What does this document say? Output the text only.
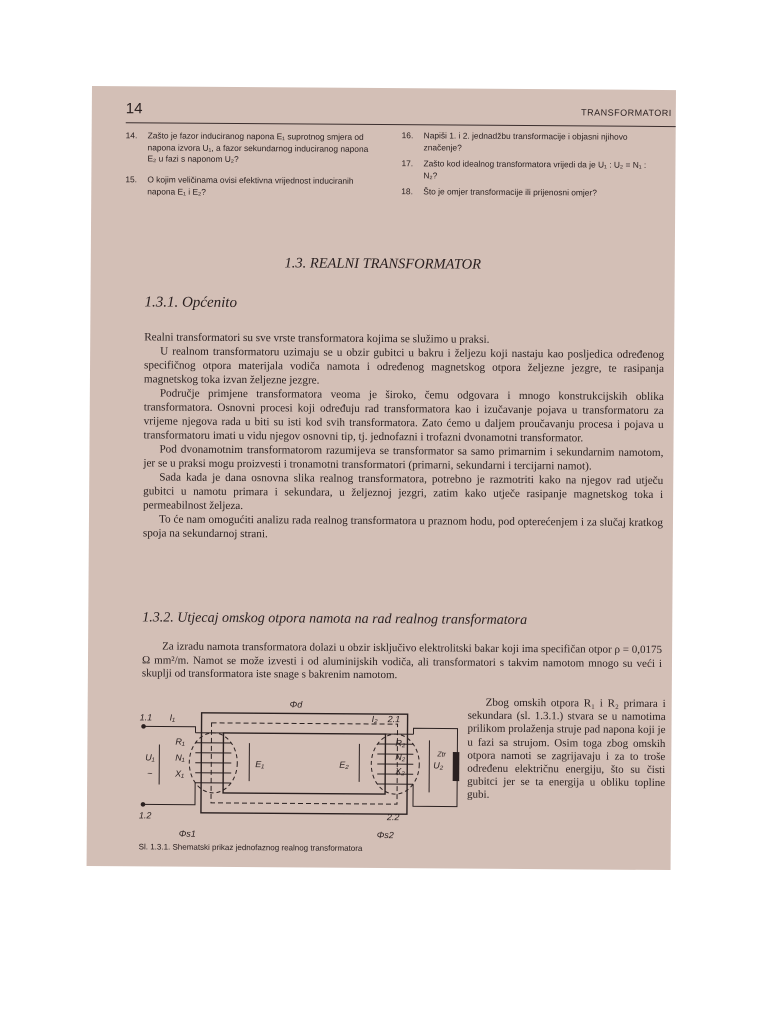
14	TRANSFORMATORI
14. Zašto je fazor induciranog napona E₁ suprotnog smjera od napona izvora U₁, a fazor sekundarnog induciranog napona E₂ u fazi s naponom U₂?
15. O kojim veličinama ovisi efektivna vrijednost induciranih napona E₁ i E₂?
16. Napiši 1. i 2. jednadžbu transformacije i objasni njihovo značenje?
17. Zašto kod idealnog transformatora vrijedi da je U₁ : U₂ = N₁ : N₂?
18. Što je omjer transformacije ili prijenosni omjer?
1.3. REALNI TRANSFORMATOR
1.3.1. Općenito

Realni transformatori su sve vrste transformatora kojima se služimo u praksi.

U realnom transformatoru uzimaju se u obzir gubitci u bakru i željezu koji nastaju kao posljedica određenog specifičnog otpora materijala vodiča namota i određenog magnetskog otpora željezne jezgre, te rasipanja magnetskog toka izvan željezne jezgre.

Područje primjene transformatora veoma je široko, čemu odgovara i mnogo konstrukcijskih oblika transformatora. Osnovni procesi koji određuju rad transformatora kao i izučavanje pojava u transformatoru za vrijeme njegova rada u biti su isti kod svih transformatora. Zato ćemo u daljem proučavanju procesa i pojava u transformatoru imati u vidu njegov osnovni tip, tj. jednofazni i trofazni dvonamotni transformator.

Pod dvonamotnim transformatorom razumijeva se transformator sa samo primarnim i sekundarnim namotom, jer se u praksi mogu proizvesti i tronamotni transformatori (primarni, sekundarni i tercijarni namot).

Sada kada je dana osnovna slika realnog transformatora, potrebno je razmotriti kako na njegov rad utječu gubitci u namotu primara i sekundara, u željeznoj jezgri, zatim kako utječe rasipanje magnetskog toka i permeabilnost željeza.

To će nam omogućiti analizu rada realnog transformatora u praznom hodu, pod opterećenjem i za slučaj kratkog spoja na sekundarnoj strani.

1.3.2. Utjecaj omskog otpora namota na rad realnog transformatora

Za izradu namota transformatora dolazi u obzir isključivo elektrolitski bakar koji ima specifičan otpor ρ = 0,0175 Ω mm²/m. Namot se može izvesti i od aluminijskih vodiča, ali transformatori s takvim namotom mnogo su veći i skuplji od transformatora iste snage s bakrenim namotom.

Zbog omskih otpora R₁ i R₂ primara i sekundara (sl. 1.3.1.) stvara se u namotima prilikom prolaženja struje pad napona koji je u fazi sa strujom. Osim toga zbog omskih otpora namoti se zagrijavaju i za to troše određenu električnu energiju, što su čisti gubitci jer se ta energija u obliku topline gubi.

Φd
1.1
1.2
2.1
2.2
I₁	I₂
U₁
~
R₁
N₁
X₁
E₁	E₂
R₂
N₂
X₂
U₂
Ztr
Φs1	Φs2
Sl. 1.3.1. Shematski prikaz jednofaznog realnog transformatora
